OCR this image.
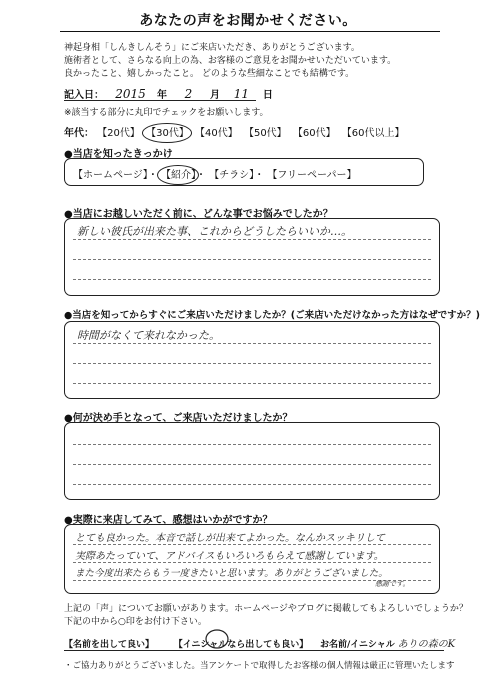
あなたの声をお聞かせください。
神起身相「しんきしんそう」にご来店いただき、ありがとうございます。
施術者として、さらなる向上の為、お客様のご意見をお聞かせいただいています。
良かったこと、嬉しかったこと。 どのような些細なことでも結構です。
記入日： 2015 年 2 月 11 日
※該当する部分に丸印でチェックをお願いします。
年代： 【20代】 【30代】 【40代】 【50代】 【60代】 【60代以上】
●当店を知ったきっかけ
【ホームページ】・ 【紹介】・ 【チラシ】・ 【フリーペーパー】
●当店にお越しいただく前に、どんな事でお悩みでしたか？
新しい彼氏が出来た事、これからどうしたらいいか…。
●当店を知ってからすぐにご来店いただけましたか？(ご来店いただけなかった方はなぜですか？)
時間がなくて来れなかった。
●何が決め手となって、ご来店いただけましたか？
●実際に来店してみて、感想はいかがですか？
とても良かった。本音で話しが出来てよかった。なんかスッキリして
実際あたっていて、アドバイスもいろいろもらえて感謝しています。
また今度出来たらもう一度きたいと思います。ありがとうございました。
感謝です。
上記の「声」についてお願いがあります。ホームページやブログに掲載してもよろしいでしょうか？
下記の中から○印をお付け下さい。
【名前を出して良い】 【イニシャルなら出しても良い】 お名前/イニシャル ありの森のK
・ご協力ありがとうございました。当アンケートで取得したお客様の個人情報は厳正に管理いたします
